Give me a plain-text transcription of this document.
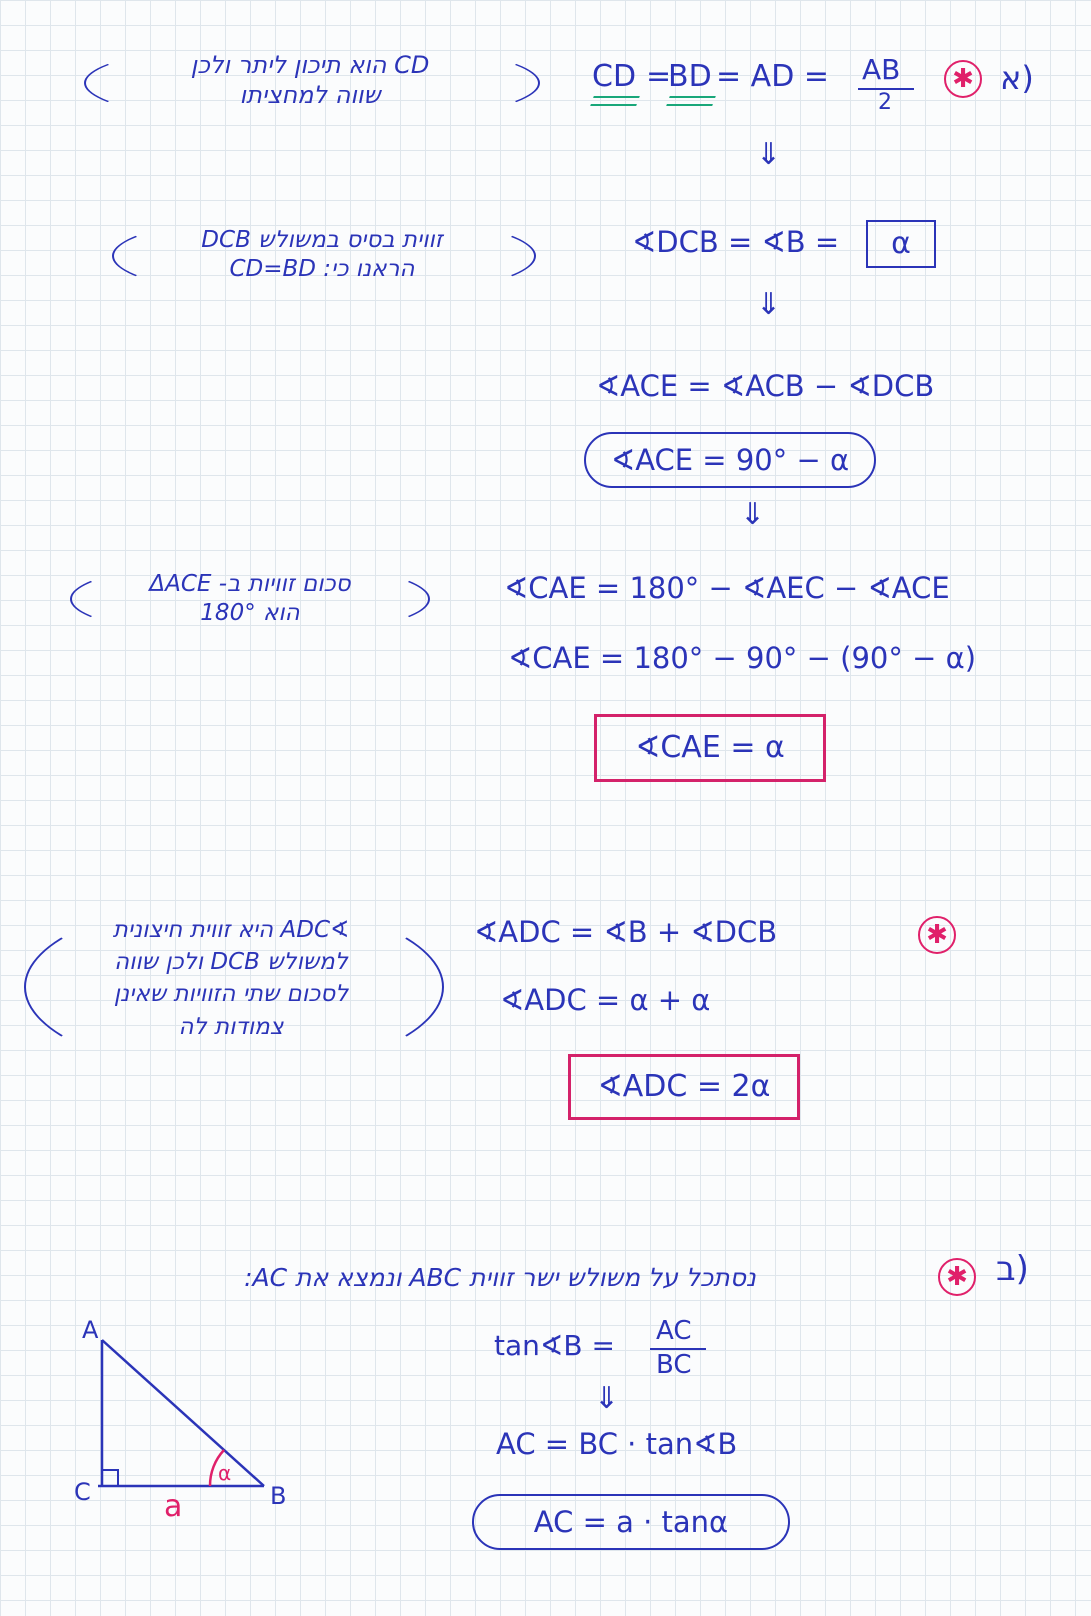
א)
✱
CD =
BD = AD = AB
2
CD הוא תיכון ליתר ולכן
שווה למחציתו
⇓
∢DCB = ∢B =	α
זווית בסיס במשולש DCB
הראנו כי: CD=BD
⇓
∢ACE = ∢ACB − ∢DCB
∢ACE = 90° − α
⇓
סכום זוויות ב- ΔACE
הוא 180°
∢CAE = 180° − ∢AEC − ∢ACE
∢CAE = 180° − 90° − (90° − α)
∢CAE = α
∢ADC היא זווית חיצונית
למשולש DCB ולכן שווה
לסכום שתי הזוויות שאינן
צמודות לה
∢ADC = ∢B + ∢DCB	✱
∢ADC = α + α
∢ADC = 2α
ב)
✱
נסתכל על משולש ישר זווית ABC ונמצא את AC:
tan∢B = AC
BC
⇓
AC = BC · tan∢B
AC = a · tanα
A
C	B
a
α
